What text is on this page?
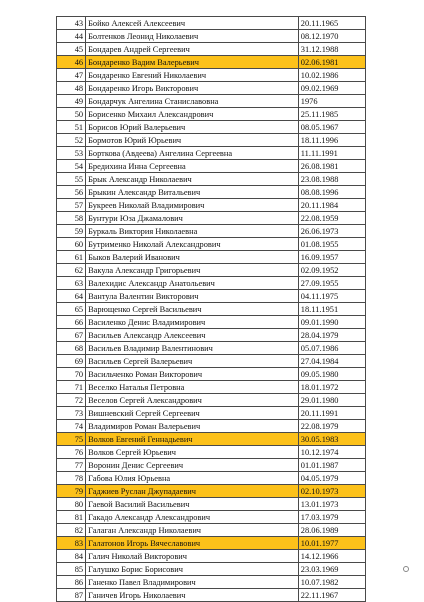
43	Бойко Алексей Алексеевич	20.11.1965
44	Болтенков Леонид Николаевич	08.12.1970
45	Бондарев Андрей Сергеевич	31.12.1988
46	Бондаренко Вадим Валерьевич	02.06.1981
47	Бондаренко Евгений Николаевич	10.02.1986
48	Бондаренко Игорь Викторович	09.02.1969
49	Бондарчук Ангелина Станиславовна	1976
50	Борисенко Михаил Александрович	25.11.1985
51	Борисов Юрий Валерьевич	08.05.1967
52	Бормотов Юрий Юрьевич	18.11.1996
53	Борткова (Авдеева) Ангелина Сергеевна	11.11.1991
54	Бредихина Инна Сергеевна	26.08.1981
55	Брык Александр Николаевич	23.08.1988
56	Брыкин Александр Витальевич	08.08.1996
57	Букреев Николай Владимирович	20.11.1984
58	Бунтури Юза Джамалович	22.08.1959
59	Буркаль Виктория Николаевна	26.06.1973
60	Бутрименко Николай Александрович	01.08.1955
61	Быков Валерий Иванович	16.09.1957
62	Вакула Александр Григорьевич	02.09.1952
63	Валехидис Александр Анатольевич	27.09.1955
64	Вантула Валентин Викторович	04.11.1975
65	Варющенко Сергей Васильевич	18.11.1951
66	Василенко Денис Владимирович	09.01.1990
67	Васильев Александр Алексеевич	28.04.1979
68	Васильев Владимир Валентинович	05.07.1986
69	Васильев Сергей Валерьевич	27.04.1984
70	Васильченко Роман Викторович	09.05.1980
71	Веселко Наталья Петровна	18.01.1972
72	Веселов Сергей Александрович	29.01.1980
73	Вишневский Сергей Сергеевич	20.11.1991
74	Владимиров Роман Валерьевич	22.08.1979
75	Волков Евгений Геннадьевич	30.05.1983
76	Волков Сергей Юрьевич	10.12.1974
77	Воронин Денис Сергеевич	01.01.1987
78	Габова Юлия Юрьевна	04.05.1979
79	Гаджиев Руслан Джупадаевич	02.10.1973
80	Гаевой Василий Васильевич	13.01.1973
81	Гакадо Александр Александрович	17.03.1979
82	Галаган Александр Николаевич	28.06.1989
83	Галатонов Игорь Вячеславович	10.01.1977
84	Галич Николай Викторович	14.12.1966
85	Галушко Борис Борисович	23.03.1969
86	Ганенко Павел Владимирович	10.07.1982
87	Ганичев Игорь Николаевич	22.11.1967
